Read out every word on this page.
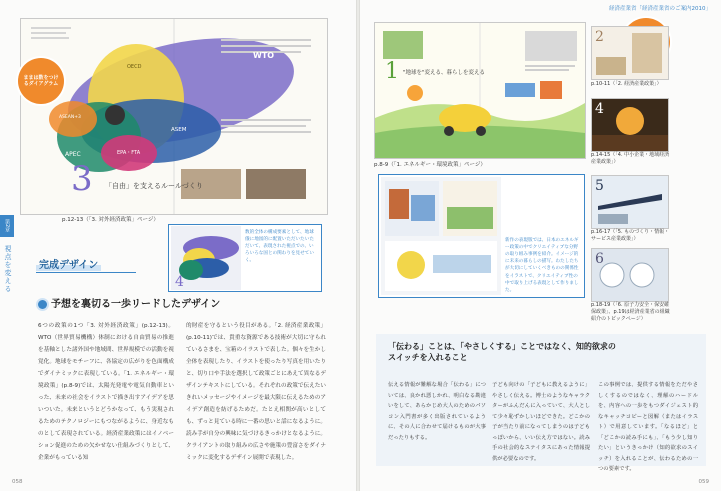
WTO
OECD
APEC
ASEM
EPA・FTA
ASEAN+3
3 「自由」を支えるルールづくり
ままは数をつけるダイアグラム
p.12-13（「3. 対外経済政策」ページ）
4
数的全体の構成要素として、地球儀に地図的に配置いただいたいただいて、表現された視点での、いろいろな国との関わりを見せていく。
第2章
視点を変える	完成デザイン
予想を裏切る一歩リードしたデザイン
6つの政策の1つ「3. 対外経済政策」(p.12-13)。WTO（世界貿易機構）体制における自由貿易の推進を基軸とした諸外国や地域間、世界規模での活動を視覚化。地球をモチーフに、各協定の広がりを色面構成でダイナミックに表現している。「1. エネルギー・環境政策」(p.8-9)では、太陽光発電や電気自動車といった、未来の社会をイラストで描き出すアイデアを思いついた。未来というとどうかなって、もう実現されるためのテクノロジーにもつながるように、身近なものとして表現されている。経済産業政策にはイノベーション促進のための欠かせない仕組みづくりとして、企業がもっている知
的財産を守るという役目がある。「2. 経済産業政策」(p.10-11)では、貴重な資源である技術が大切に守られているさまを、宝箱のイラストで表した。個々を生かし全体を表現したり、イラストを使ったり写真を用いたりと、切り口や手法を選択して政策ごとにあえて異なるデザインテキストにしている。それぞれの政策で伝えたいきれいメッセージやイメージを最大限に伝えるためのアイデア創造を紡げるためだ。たとえ相関が高いとしても、ずっと見ている時に一番の思いと話になるように。読み手が自分の興味に気づけるきっかけとなるように。クライアントの取り組みの広さや施策の豊富さをダイナミックに変化するデザイン展開で表現した。
058
経済産業省「経済産業省のご案内2010」
1 "地球を"変える、暮らしを変える
p.8-9（「1. エネルギー・環境政策」ページ）
新作の表現版では、日本のエネルギー政策の中でクリエイティブな分野の取り組み事例を紹介。イメージ的に未来の暮らしの描写。わたしたちが大切にしていくべきものの関係性をイラストで、クリエイティブ性の中で取り上げる表現として作りました。
2
p.10-11（「2. 経済産業政策」）
4
p.14-15（「4. 中小企業・地域経済産業政策」）
5
p.16-17（「5. ものづくり・情報・サービス産業政策」）
6
p.18-19（「6. 原子力安全・保安確保政策」、p.19は経済産業省の組織紹介のトピックページ）
「伝わる」ことは、「やさしくする」ことではなく、知的欲求のスイッチを入れること
伝える情報が難解な場合「伝わる」については、良かれ悪しかれ、明白なる勘違いをして、あらかじめ大人のためのパソコン入門書が多く出版されているように、その人に合わせて届けるものが大事だったりもする。
子ども向けの「子どもに教えるように」やさしく伝える。博士のようなキャラクターがふんだんに入っていて、大人として少々恥ずかしいほどできた。どこかの子が当たり前になってしまうのは子どもっぽいから、いい伝え方ではない。読み手の社会的なステイタスにあった情報提供が必要なのです。
この事例では、提供する情報をただやさしくするのではなく、理解のハードルを、内容への一歩をもつダイジェスト的なキャッチコピーと図解（またはイラスト）で用意しています。「なるほど」と「どこかの読み手にも」、「もう少し知りたい」というきっかけ（知的欲求のスイッチ）を入れることが、伝わるための一つの要素です。
059
